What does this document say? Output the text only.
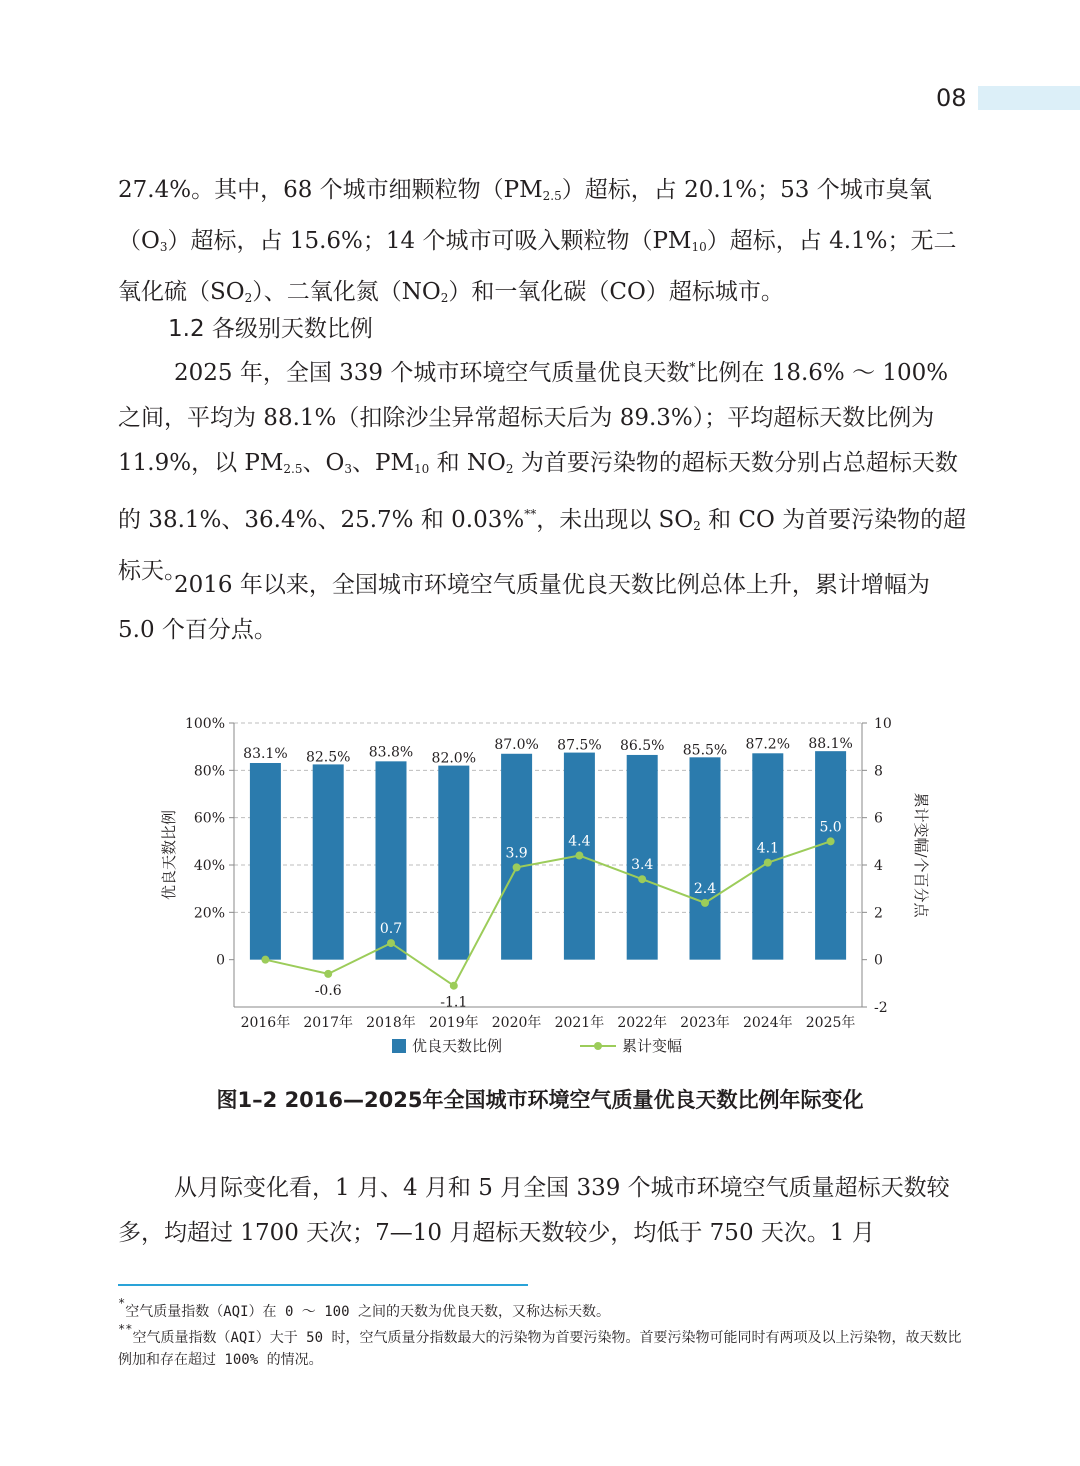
08

27.4%。其中，68 个城市细颗粒物$(PM_{2.5})$超标，占 20.1%；53 个城市臭氧$(O_3)$超标，占 15.6%；14 个城市可吸入颗粒物$(PM_{10})$超标，占 4.1%；无二氧化硫$(SO_2)$、二氧化氮$(NO_2)$和一氧化碳（CO）超标城市。

1.2 各级别天数比例

2025 年，全国 339 个城市环境空气质量优良天数*比例在 18.6% ～ 100% 之间，平均为 88.1%（扣除沙尘异常超标天后为 89.3%）；平均超标天数比例为 11.9%，以 $PM_{2.5}$、$O_3$、$PM_{10}$ 和 $NO_2$ 为首要污染物的超标天数分别占总超标天数的 38.1%、36.4%、25.7% 和 0.03%**，未出现以 $SO_2$ 和 CO 为首要污染物的超标天。

2016 年以来，全国城市环境空气质量优良天数比例总体上升，累计增幅为 5.0 个百分点。

0
20%
40%
60%
80%
100%
-2
0
2
4
6
8
10
83.1% 82.5% 83.8% 82.0%
87.0% 87.5% 86.5% 85.5% 87.2% 88.1%
-0.6
0.7
-1.1
3.9
4.4
3.4
2.4
4.1
5.0
2016年 2017年 2018年 2019年 2020年 2021年 2022年 2023年 2024年 2025年
优良天数比例	累计变幅/个百分点
优良天数比例	累计变幅
图1–2 2016—2025年全国城市环境空气质量优良天数比例年际变化

从月际变化看，1 月、4 月和 5 月全国 339 个城市环境空气质量超标天数较多，均超过 1700 天次；7—10 月超标天数较少，均低于 750 天次。1 月

*空气质量指数（AQI）在 0 ～ 100 之间的天数为优良天数，又称达标天数。

**空气质量指数（AQI）大于 50 时，空气质量分指数最大的污染物为首要污染物。首要污染物可能同时有两项及以上污染物，故天数比例加和存在超过 100% 的情况。
